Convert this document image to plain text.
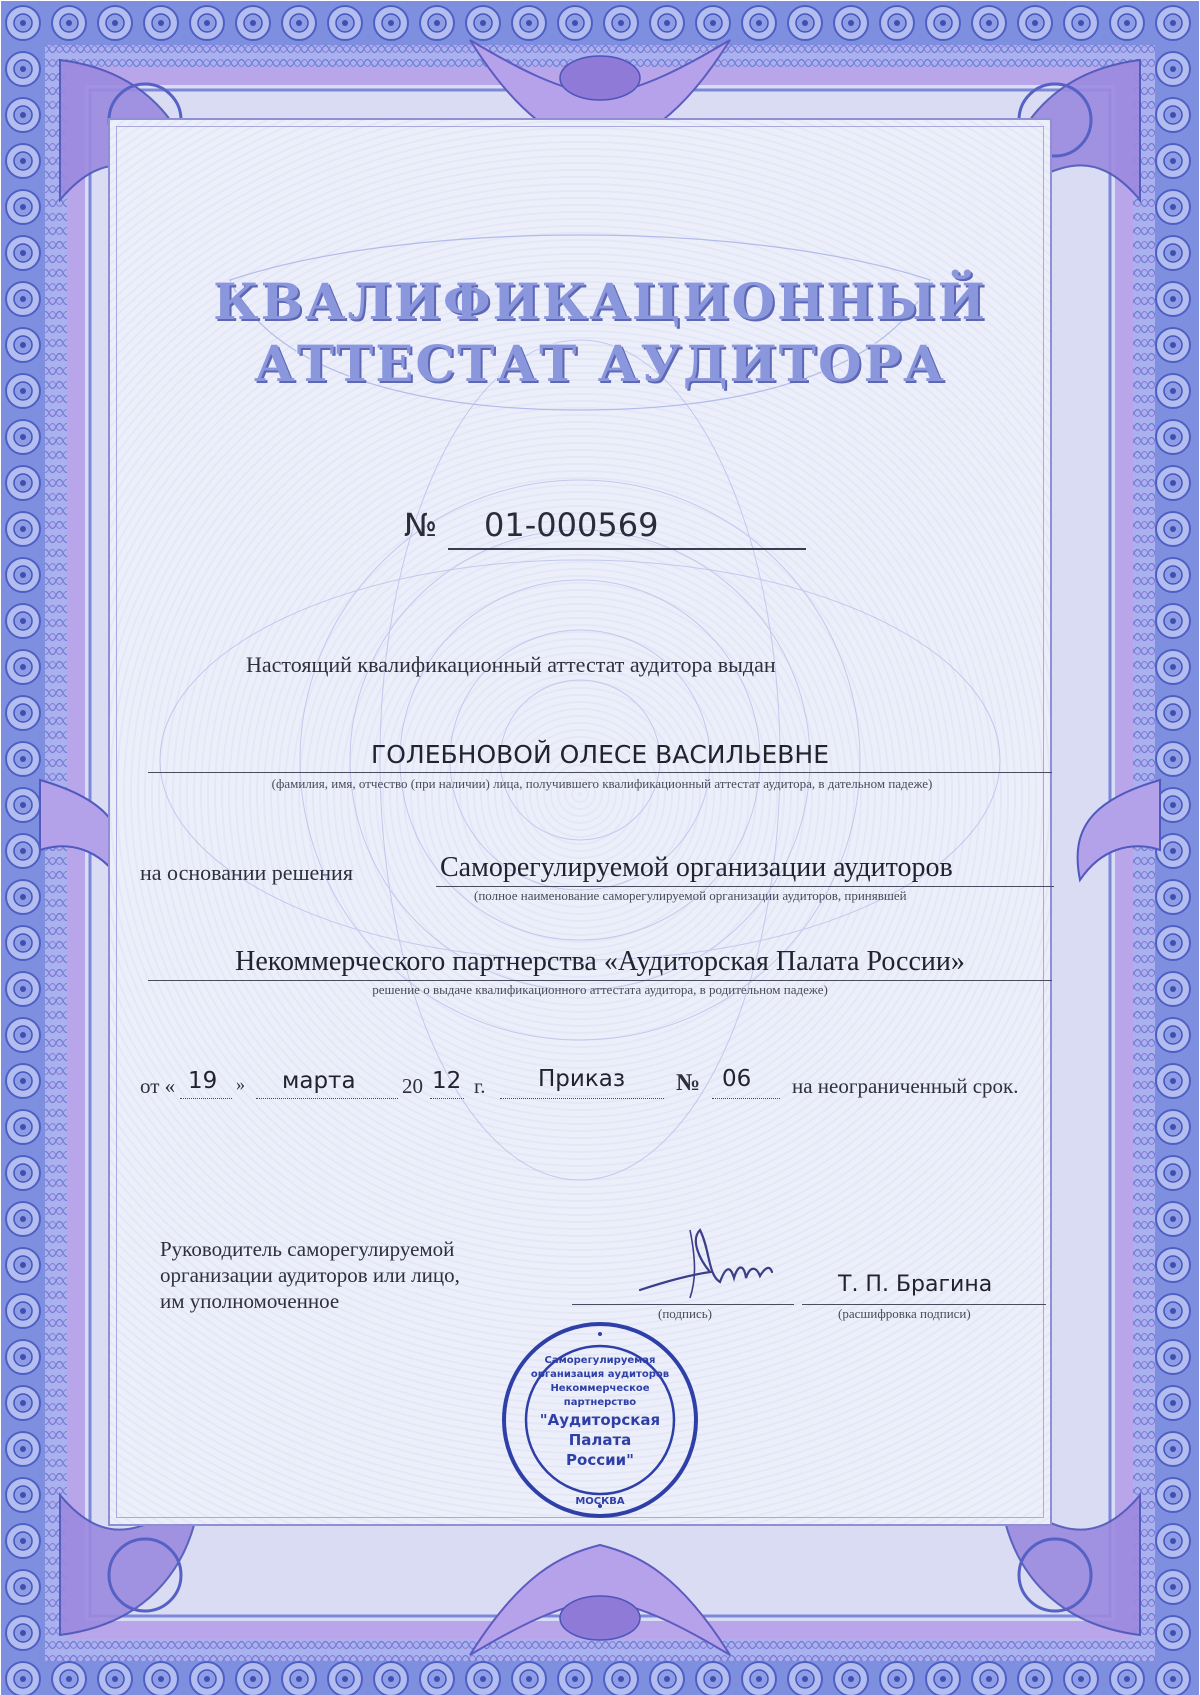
КВАЛИФИКАЦИОННЫЙ
АТТЕСТАТ АУДИТОРА
№ 01-000569
Настоящий квалификационный аттестат аудитора выдан
ГОЛЕБНОВОЙ ОЛЕСЕ ВАСИЛЬЕВНЕ
(фамилия, имя, отчество (при наличии) лица, получившего квалификационный аттестат аудитора, в дательном падеже)
на основании решения	Саморегулируемой организации аудиторов
(полное наименование саморегулируемой организации аудиторов, принявшей
Некоммерческого партнерства «Аудиторская Палата России»
решение о выдаче квалификационного аттестата аудитора, в родительном падеже)
от « 19 » марта 20 12 г. Приказ № 06 на неограниченный срок.
Руководитель саморегулируемой
организации аудиторов или лицо,
им уполномоченное
(подпись)
Т. П. Брагина
(расшифровка подписи)
Саморегулируемая
организация аудиторов
Некоммерческое
партнерство
"Аудиторская
Палата
России"
МОСКВА
